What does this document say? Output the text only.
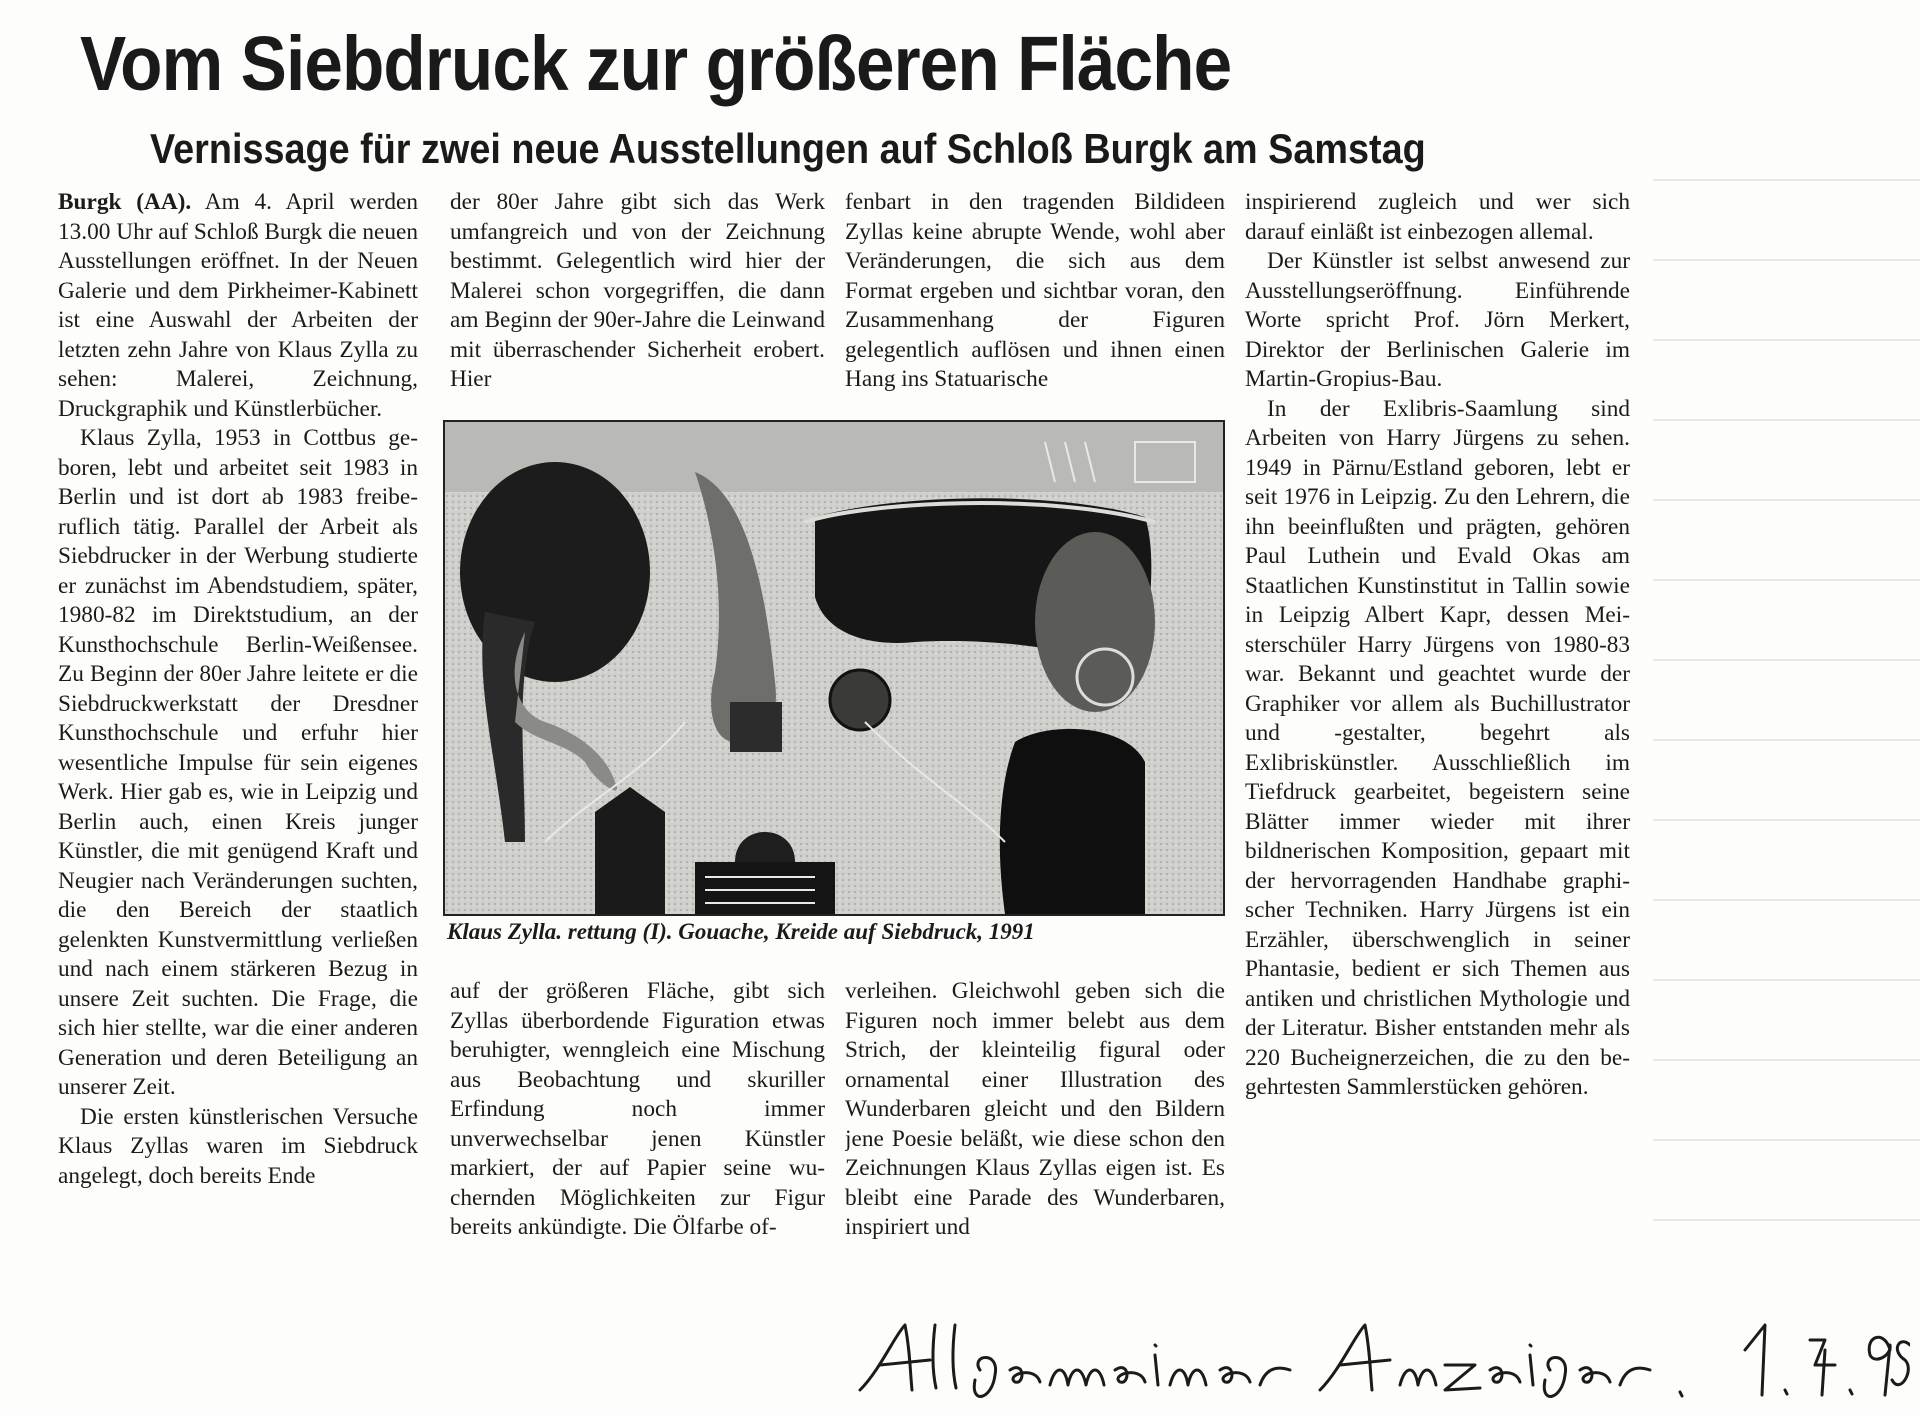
Vom Siebdruck zur größeren Fläche
Vernissage für zwei neue Ausstellungen auf Schloß Burgk am Samstag

Burgk (AA). Am 4. April werden 13.00 Uhr auf Schloß Burgk die neuen Ausstellungen eröffnet. In der Neuen Galerie und dem Pirkheimer-Kabinett ist eine Auswahl der Arbeiten der letzten zehn Jahre von Klaus Zylla zu sehen: Malerei, Zeichnung, Druckgraphik und Künstlerbücher.

Klaus Zylla, 1953 in Cottbus geboren, lebt und arbeitet seit 1983 in Berlin und ist dort ab 1983 freiberuflich tätig. Parallel der Arbeit als Siebdrucker in der Werbung studierte er zunächst im Abendstudiem, später, 1980-82 im Direktstudium, an der Kunsthochschule Berlin-Weißensee. Zu Beginn der 80er Jahre leitete er die Siebdruckwerkstatt der Dresdner Kunsthochschule und erfuhr hier wesentliche Impulse für sein eigenes Werk. Hier gab es, wie in Leipzig und Berlin auch, einen Kreis junger Künstler, die mit genügend Kraft und Neugier nach Veränderungen suchten, die den Bereich der staatlich gelenkten Kunstvermittlung verließen und nach einem stärkeren Bezug in unsere Zeit suchten. Die Frage, die sich hier stellte, war die einer anderen Generation und deren Beteiligung an unserer Zeit.

Die ersten künstlerischen Versuche Klaus Zyllas waren im Siebdruck angelegt, doch bereits Ende

der 80er Jahre gibt sich das Werk umfangreich und von der Zeichnung bestimmt. Gelegentlich wird hier der Malerei schon vorgegriffen, die dann am Beginn der 90er-Jahre die Leinwand mit überraschender Sicherheit erobert. Hier

fenbart in den tragenden Bildideen Zyllas keine abrupte Wende, wohl aber Veränderungen, die sich aus dem Format ergeben und sichtbar voran, den Zusammenhang der Figuren gelegentlich auflösen und ihnen einen Hang ins Statuarische

Klaus Zylla. rettung (I). Gouache, Kreide auf Siebdruck, 1991

auf der größeren Fläche, gibt sich Zyllas überbordende Figuration etwas beruhigter, wenngleich eine Mischung aus Beobachtung und skuriller Erfindung noch immer unverwechselbar jenen Künstler markiert, der auf Papier seine wuchernden Möglichkeiten zur Figur bereits ankündigte. Die Ölfarbe of-

verleihen. Gleichwohl geben sich die Figuren noch immer belebt aus dem Strich, der kleinteilig figural oder ornamental einer Illustration des Wunderbaren gleicht und den Bildern jene Poesie beläßt, wie diese schon den Zeichnungen Klaus Zyllas eigen ist. Es bleibt eine Parade des Wunderbaren, inspiriert und

inspirierend zugleich und wer sich darauf einläßt ist einbezogen allemal.

Der Künstler ist selbst anwesend zur Ausstellungseröffnung. Einführende Worte spricht Prof. Jörn Merkert, Direktor der Berlinischen Galerie im Martin-Gropius-Bau.

In der Exlibris-Saamlung sind Arbeiten von Harry Jürgens zu sehen. 1949 in Pärnu/Estland geboren, lebt er seit 1976 in Leipzig. Zu den Lehrern, die ihn beeinflußten und prägten, gehören Paul Luthein und Evald Okas am Staatlichen Kunstinstitut in Tallin sowie in Leipzig Albert Kapr, dessen Meisterschüler Harry Jürgens von 1980-83 war. Bekannt und geachtet wurde der Graphiker vor allem als Buchillustrator und -gestalter, begehrt als Exlibriskünstler. Ausschließlich im Tiefdruck gearbeitet, begeistern seine Blätter immer wieder mit ihrer bildnerischen Komposition, gepaart mit der hervorragenden Handhabe graphischer Techniken. Harry Jürgens ist ein Erzähler, überschwenglich in seiner Phantasie, bedient er sich Themen aus antiken und christlichen Mythologie und der Literatur. Bisher entstanden mehr als 220 Bucheignerzeichen, die zu den begehrtesten Sammlerstücken gehören.
